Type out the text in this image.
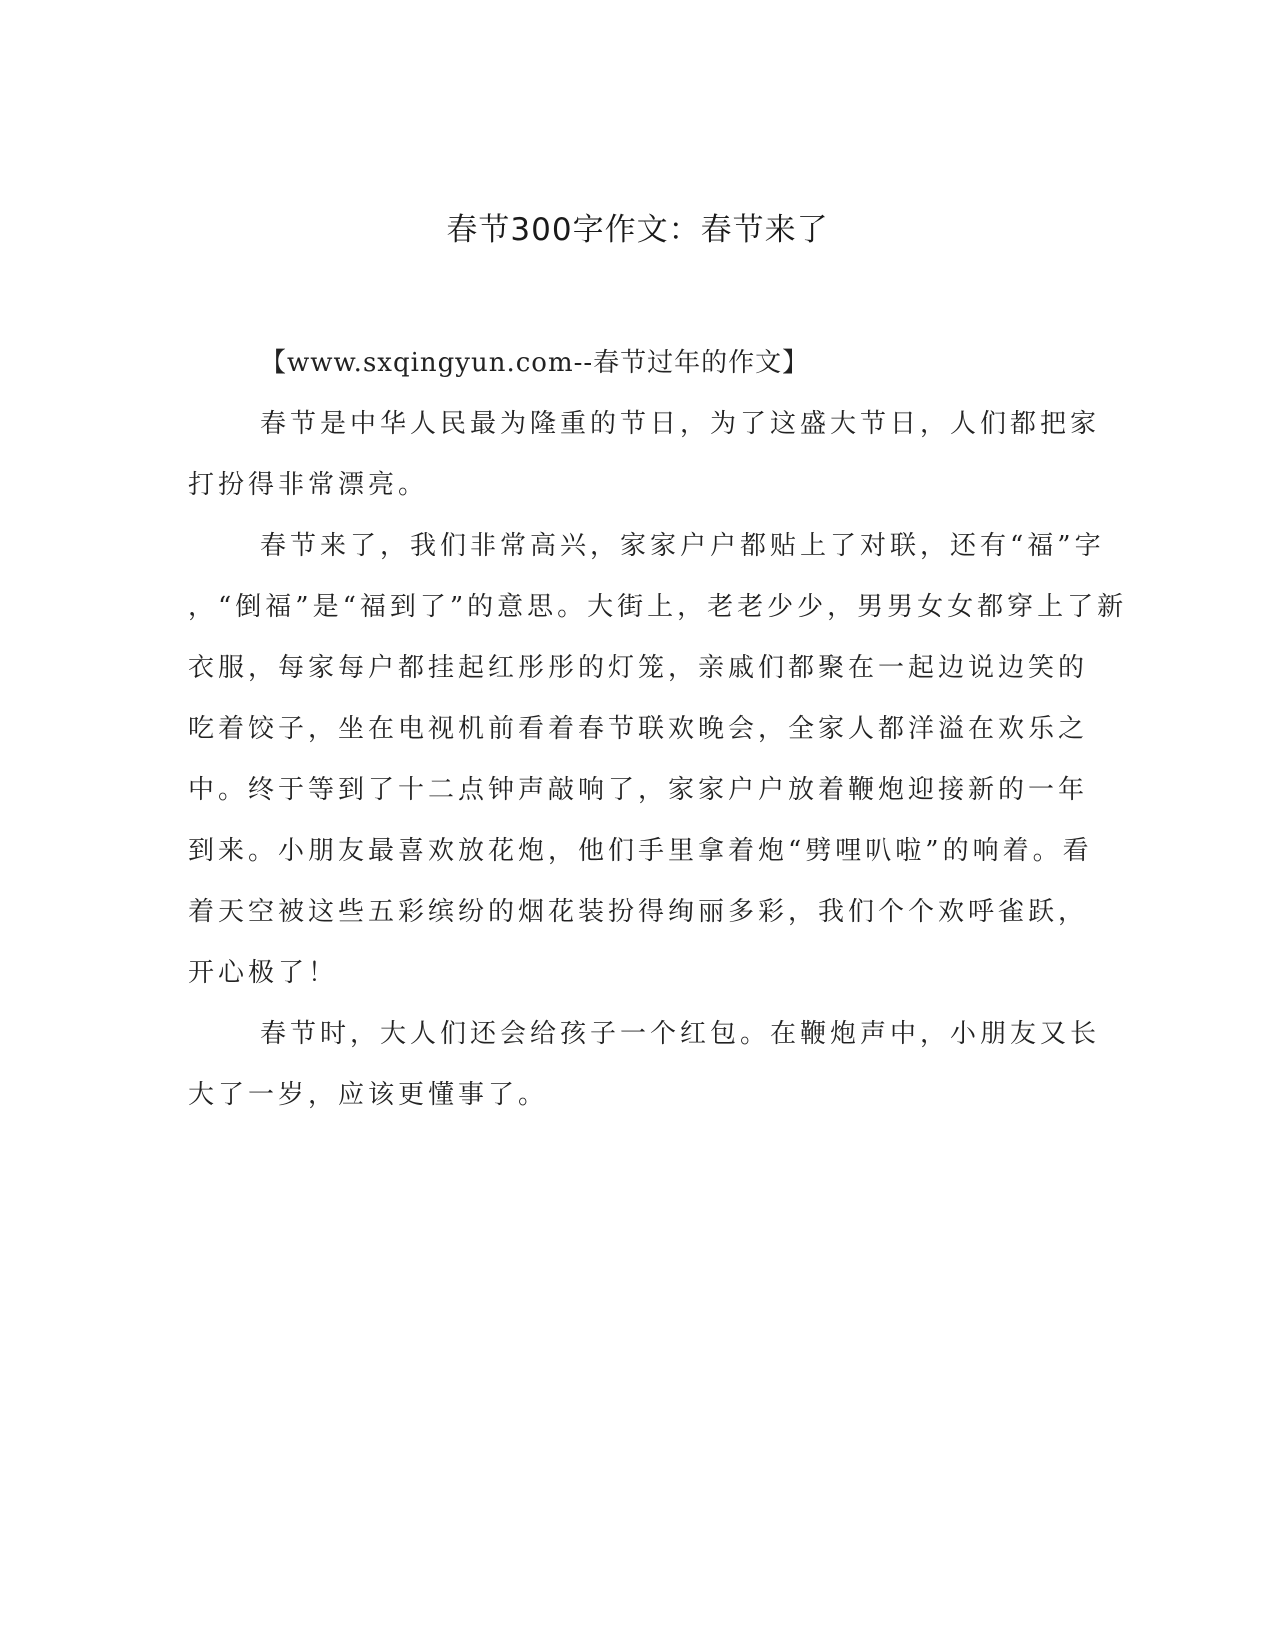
春节300字作文：春节来了
【www.sxqingyun.com--春节过年的作文】
春节是中华人民最为隆重的节日，为了这盛大节日，人们都把家
打扮得非常漂亮。
春节来了，我们非常高兴，家家户户都贴上了对联，还有“福”字
，“倒福”是“福到了”的意思。大街上，老老少少，男男女女都穿上了新
衣服，每家每户都挂起红彤彤的灯笼，亲戚们都聚在一起边说边笑的
吃着饺子，坐在电视机前看着春节联欢晚会，全家人都洋溢在欢乐之
中。终于等到了十二点钟声敲响了，家家户户放着鞭炮迎接新的一年
到来。小朋友最喜欢放花炮，他们手里拿着炮“劈哩叭啦”的响着。看
着天空被这些五彩缤纷的烟花装扮得绚丽多彩，我们个个欢呼雀跃，
开心极了！
春节时，大人们还会给孩子一个红包。在鞭炮声中，小朋友又长
大了一岁，应该更懂事了。
